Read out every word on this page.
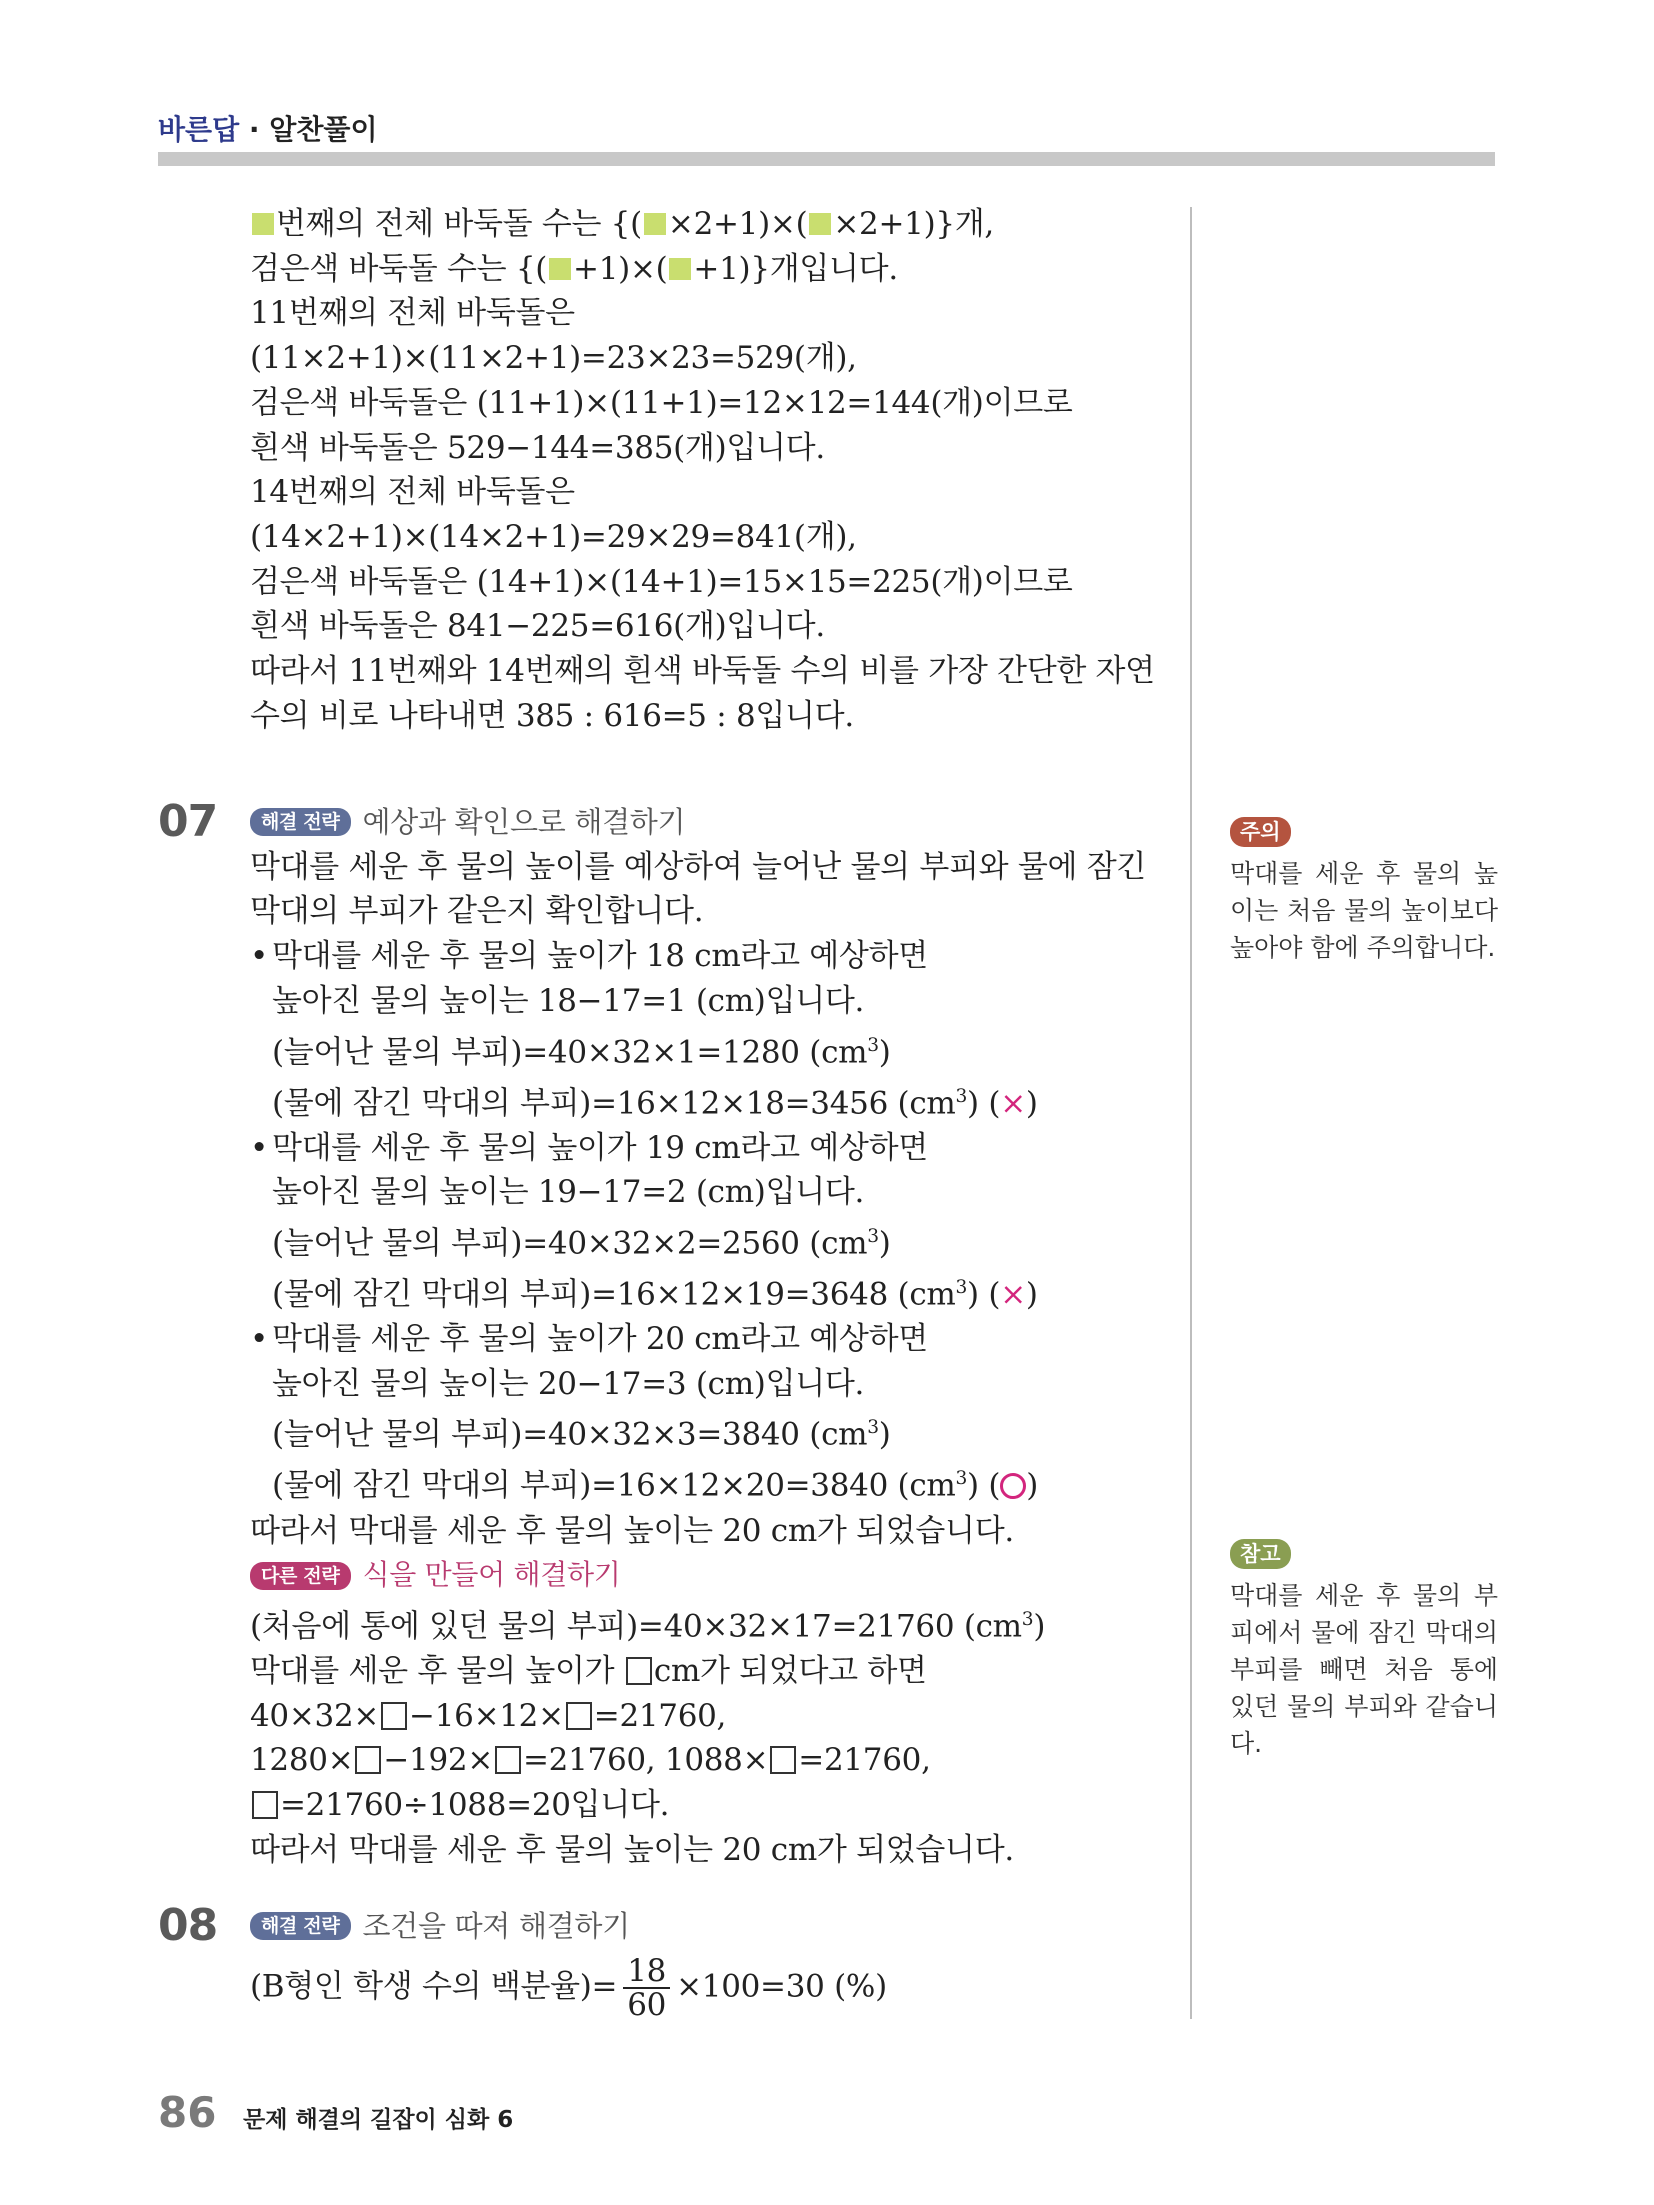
바른답 · 알찬풀이
번째의 전체 바둑돌 수는 {( ×2+1)×( ×2+1)}개,
검은색 바둑돌 수는 {( +1)×( +1)}개입니다.
11번째의 전체 바둑돌은
(11×2+1)×(11×2+1)=23×23=529(개),
검은색 바둑돌은 (11+1)×(11+1)=12×12=144(개)이므로
흰색 바둑돌은 529−144=385(개)입니다.
14번째의 전체 바둑돌은
(14×2+1)×(14×2+1)=29×29=841(개),
검은색 바둑돌은 (14+1)×(14+1)=15×15=225(개)이므로
흰색 바둑돌은 841−225=616(개)입니다.
따라서 11번째와 14번째의 흰색 바둑돌 수의 비를 가장 간단한 자연
수의 비로 나타내면 385 : 616=5 : 8입니다.
07	해결 전략 예상과 확인으로 해결하기
막대를 세운 후 물의 높이를 예상하여 늘어난 물의 부피와 물에 잠긴
막대의 부피가 같은지 확인합니다.
• 막대를 세운 후 물의 높이가 18 cm라고 예상하면
높아진 물의 높이는 18−17=1 (cm)입니다.
(늘어난 물의 부피)=40×32×1=1280 $(cm^3)$
(물에 잠긴 막대의 부피)=16×12×18=3456 $(cm^3)$ (×)
• 막대를 세운 후 물의 높이가 19 cm라고 예상하면
높아진 물의 높이는 19−17=2 (cm)입니다.
(늘어난 물의 부피)=40×32×2=2560 $(cm^3)$
(물에 잠긴 막대의 부피)=16×12×19=3648 $(cm^3)$ (×)
• 막대를 세운 후 물의 높이가 20 cm라고 예상하면
높아진 물의 높이는 20−17=3 (cm)입니다.
(늘어난 물의 부피)=40×32×3=3840 $(cm^3)$
(물에 잠긴 막대의 부피)=16×12×20=3840 $(cm^3)$ ( )
따라서 막대를 세운 후 물의 높이는 20 cm가 되었습니다.
다른 전략 식을 만들어 해결하기
(처음에 통에 있던 물의 부피)=40×32×17=21760 $(cm^3)$
막대를 세운 후 물의 높이가 cm가 되었다고 하면
40×32× −16×12× =21760,
1280× −192× =21760, 1088× =21760,
=21760÷1088=20입니다.
따라서 막대를 세운 후 물의 높이는 20 cm가 되었습니다.
08	해결 전략 조건을 따져 해결하기
(B형인 학생 수의 백분율)= $\frac{18}{60} \times 100=30$ (%)
주의
막대를 세운 후 물의 높이는 처음 물의 높이보다 높아야 함에 주의합니다.
참고
막대를 세운 후 물의 부피에서 물에 잠긴 막대의 부피를 빼면 처음 통에 있던 물의 부피와 같습니다.
86 문제 해결의 길잡이 심화 6
